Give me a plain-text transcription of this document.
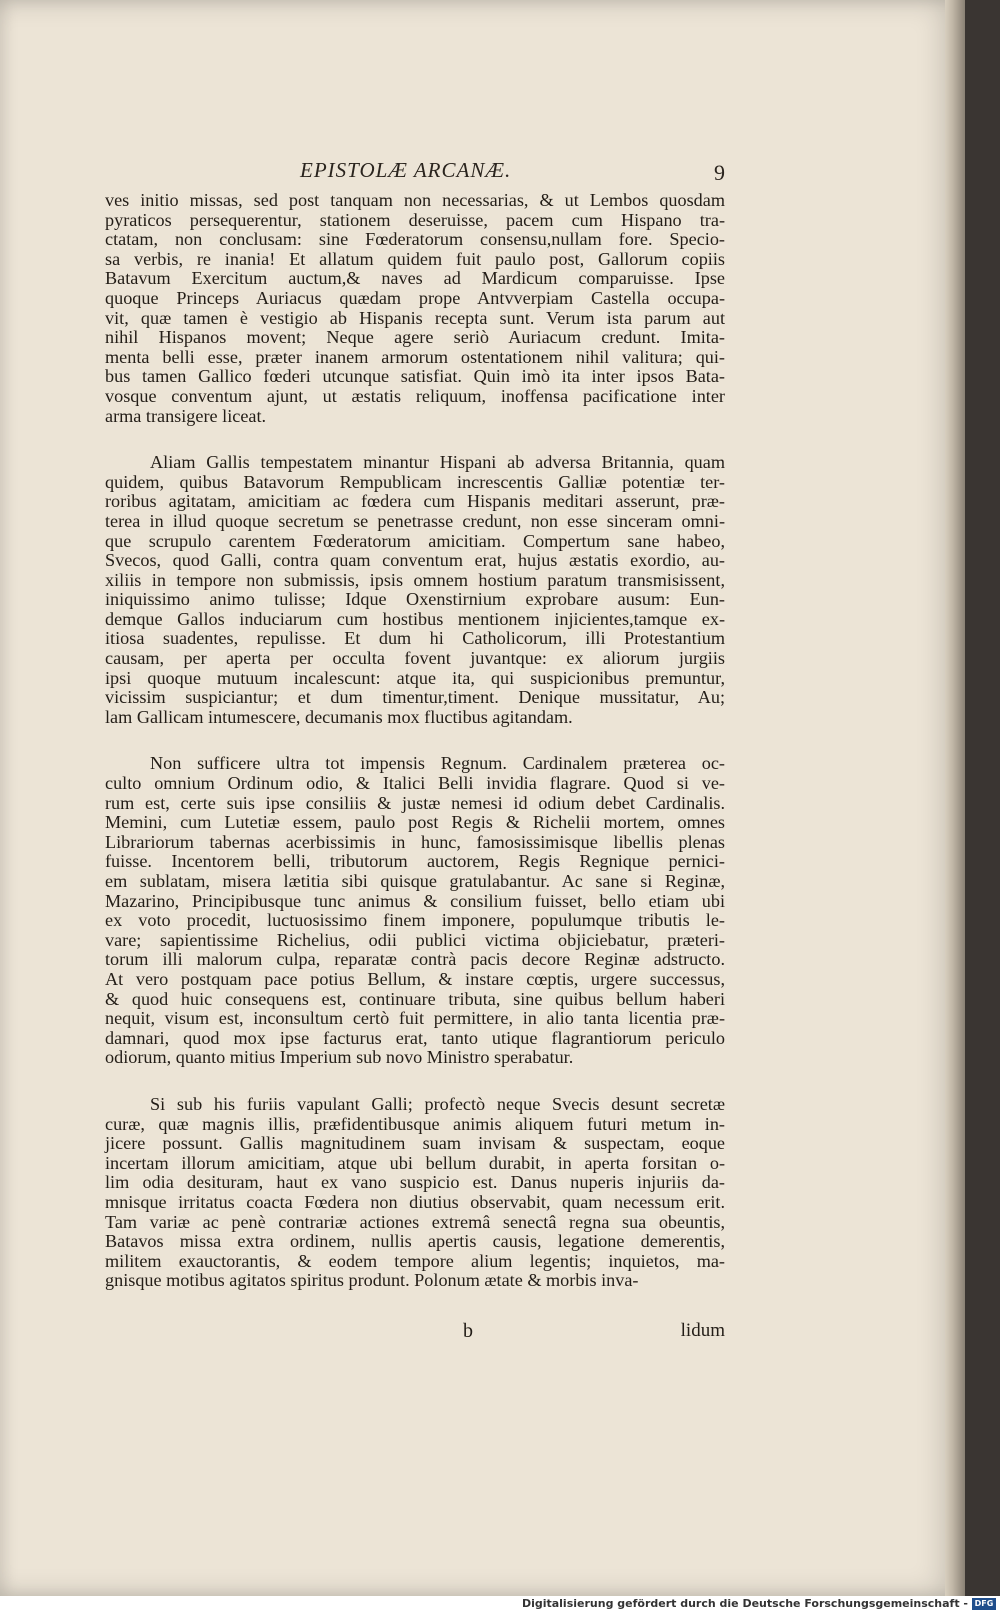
EPISTOLÆ ARCANÆ.	9
ves initio missas, sed post tanquam non necessarias, & ut Lembos quosdam
pyraticos persequerentur, stationem deseruisse, pacem cum Hispano tra-
ctatam, non conclusam: sine Fœderatorum consensu,nullam fore. Specio-
sa verbis, re inania! Et allatum quidem fuit paulo post, Gallorum copiis
Batavum Exercitum auctum,& naves ad Mardicum comparuisse. Ipse
quoque Princeps Auriacus quædam prope Antvverpiam Castella occupa-
vit, quæ tamen è vestigio ab Hispanis recepta sunt. Verum ista parum aut
nihil Hispanos movent; Neque agere seriò Auriacum credunt. Imita-
menta belli esse, præter inanem armorum ostentationem nihil valitura; qui-
bus tamen Gallico fœderi utcunque satisfiat. Quin imò ita inter ipsos Bata-
vosque conventum ajunt, ut æstatis reliquum, inoffensa pacificatione inter
arma transigere liceat.
Aliam Gallis tempestatem minantur Hispani ab adversa Britannia, quam
quidem, quibus Batavorum Rempublicam increscentis Galliæ potentiæ ter-
roribus agitatam, amicitiam ac fœdera cum Hispanis meditari asserunt, præ-
terea in illud quoque secretum se penetrasse credunt, non esse sinceram omni-
que scrupulo carentem Fœderatorum amicitiam. Compertum sane habeo,
Svecos, quod Galli, contra quam conventum erat, hujus æstatis exordio, au-
xiliis in tempore non submissis, ipsis omnem hostium paratum transmisissent,
iniquissimo animo tulisse; Idque Oxenstirnium exprobare ausum: Eun-
demque Gallos induciarum cum hostibus mentionem injicientes,tamque ex-
itiosa suadentes, repulisse. Et dum hi Catholicorum, illi Protestantium
causam, per aperta per occulta fovent juvantque: ex aliorum jurgiis
ipsi quoque mutuum incalescunt: atque ita, qui suspicionibus premuntur,
vicissim suspiciantur; et dum timentur,timent. Denique mussitatur, Au;
lam Gallicam intumescere, decumanis mox fluctibus agitandam.
Non sufficere ultra tot impensis Regnum. Cardinalem præterea oc-
culto omnium Ordinum odio, & Italici Belli invidia flagrare. Quod si ve-
rum est, certe suis ipse consiliis & justæ nemesi id odium debet Cardinalis.
Memini, cum Lutetiæ essem, paulo post Regis & Richelii mortem, omnes
Librariorum tabernas acerbissimis in hunc, famosissimisque libellis plenas
fuisse. Incentorem belli, tributorum auctorem, Regis Regnique pernici-
em sublatam, misera lætitia sibi quisque gratulabantur. Ac sane si Reginæ,
Mazarino, Principibusque tunc animus & consilium fuisset, bello etiam ubi
ex voto procedit, luctuosissimo finem imponere, populumque tributis le-
vare; sapientissime Richelius, odii publici victima objiciebatur, præteri-
torum illi malorum culpa, reparatæ contrà pacis decore Reginæ adstructo.
At vero postquam pace potius Bellum, & instare cœptis, urgere successus,
& quod huic consequens est, continuare tributa, sine quibus bellum haberi
nequit, visum est, inconsultum certò fuit permittere, in alio tanta licentia præ-
damnari, quod mox ipse facturus erat, tanto utique flagrantiorum periculo
odiorum, quanto mitius Imperium sub novo Ministro sperabatur.
Si sub his furiis vapulant Galli; profectò neque Svecis desunt secretæ
curæ, quæ magnis illis, præfidentibusque animis aliquem futuri metum in-
jicere possunt. Gallis magnitudinem suam invisam & suspectam, eoque
incertam illorum amicitiam, atque ubi bellum durabit, in aperta forsitan o-
lim odia desituram, haut ex vano suspicio est. Danus nuperis injuriis da-
mnisque irritatus coacta Fœdera non diutius observabit, quam necessum erit.
Tam variæ ac penè contrariæ actiones extremâ senectâ regna sua obeuntis,
Batavos missa extra ordinem, nullis apertis causis, legatione demerentis,
militem exauctorantis, & eodem tempore alium legentis; inquietos, ma-
gnisque motibus agitatos spiritus produnt. Polonum ætate & morbis inva-
b	lidum
Digitalisierung gefördert durch die Deutsche Forschungsgemeinschaft - DFG
